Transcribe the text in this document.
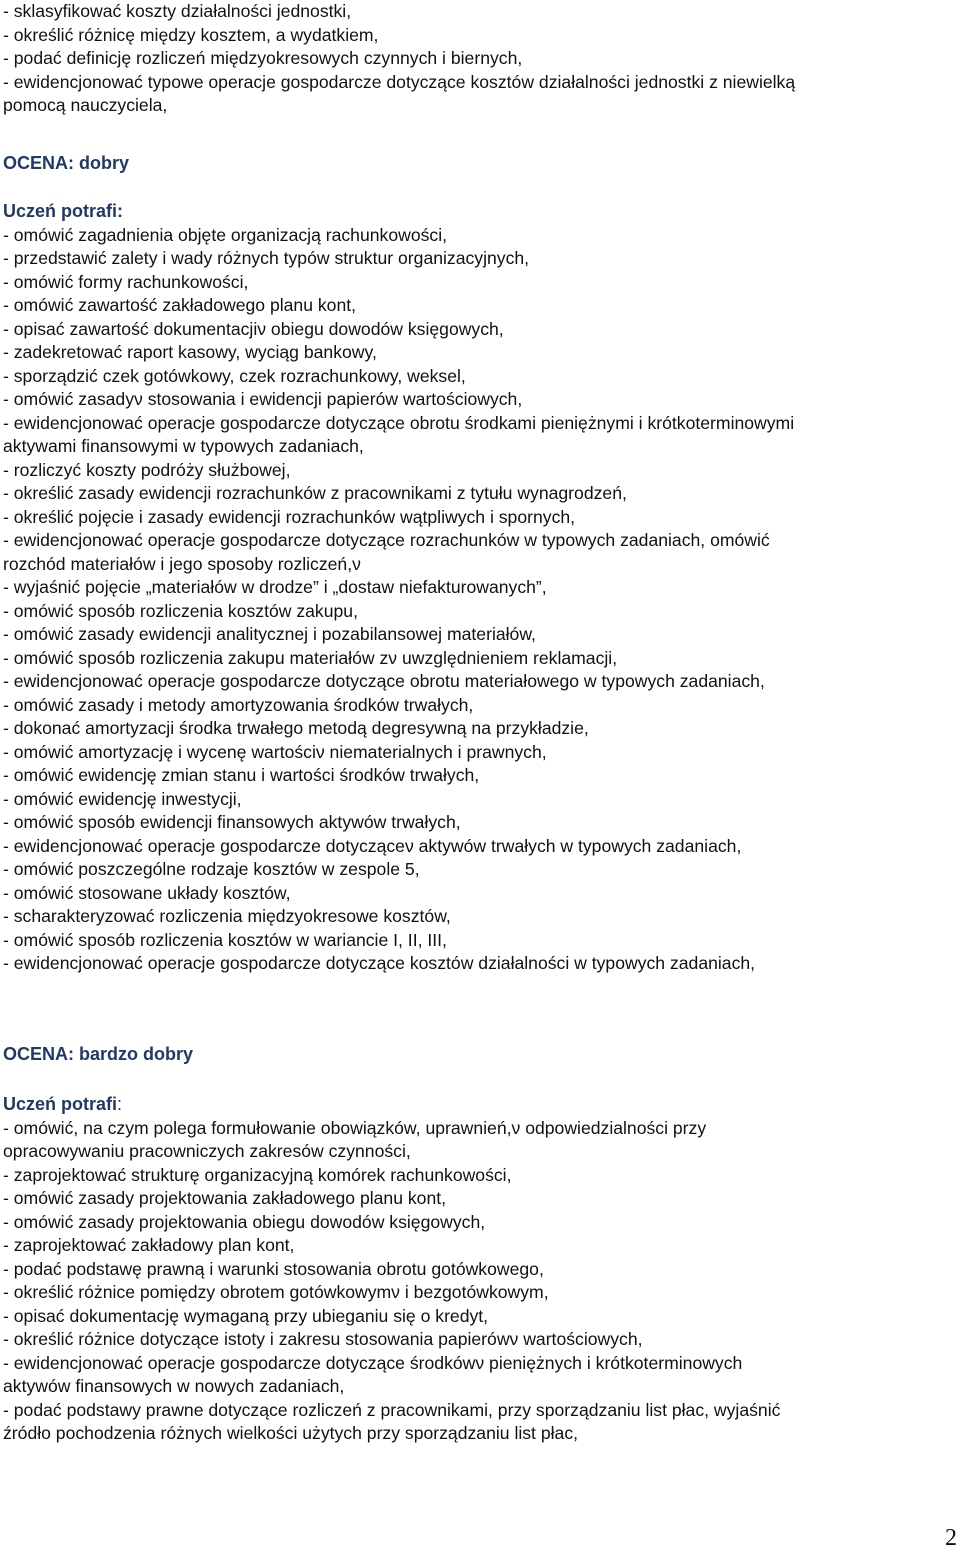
- sklasyfikować koszty działalności jednostki,
- określić różnicę między kosztem, a wydatkiem,
- podać definicję rozliczeń międzyokresowych czynnych i biernych,
- ewidencjonować typowe operacje gospodarcze dotyczące kosztów działalności jednostki z niewielką
pomocą nauczyciela,
OCENA: dobry
Uczeń potrafi:
- omówić zagadnienia objęte organizacją rachunkowości,
- przedstawić zalety i wady różnych typów struktur organizacyjnych,
- omówić formy rachunkowości,
- omówić zawartość zakładowego planu kont,
- opisać zawartość dokumentacjiν obiegu dowodów księgowych,
- zadekretować raport kasowy, wyciąg bankowy,
- sporządzić czek gotówkowy, czek rozrachunkowy, weksel,
- omówić zasadyν stosowania i ewidencji papierów wartościowych,
- ewidencjonować operacje gospodarcze dotyczące obrotu środkami pieniężnymi i krótkoterminowymi
aktywami finansowymi w typowych zadaniach,
- rozliczyć koszty podróży służbowej,
- określić zasady ewidencji rozrachunków z pracownikami z tytułu wynagrodzeń,
- określić pojęcie i zasady ewidencji rozrachunków wątpliwych i spornych,
- ewidencjonować operacje gospodarcze dotyczące rozrachunków w typowych zadaniach, omówić
rozchód materiałów i jego sposoby rozliczeń,ν
- wyjaśnić pojęcie „materiałów w drodze” i „dostaw niefakturowanych”,
- omówić sposób rozliczenia kosztów zakupu,
- omówić zasady ewidencji analitycznej i pozabilansowej materiałów,
- omówić sposób rozliczenia zakupu materiałów zν uwzględnieniem reklamacji,
- ewidencjonować operacje gospodarcze dotyczące obrotu materiałowego w typowych zadaniach,
- omówić zasady i metody amortyzowania środków trwałych,
- dokonać amortyzacji środka trwałego metodą degresywną na przykładzie,
- omówić amortyzację i wycenę wartościν niematerialnych i prawnych,
- omówić ewidencję zmian stanu i wartości środków trwałych,
- omówić ewidencję inwestycji,
- omówić sposób ewidencji finansowych aktywów trwałych,
- ewidencjonować operacje gospodarcze dotycząceν aktywów trwałych w typowych zadaniach,
- omówić poszczególne rodzaje kosztów w zespole 5,
- omówić stosowane układy kosztów,
- scharakteryzować rozliczenia międzyokresowe kosztów,
- omówić sposób rozliczenia kosztów w wariancie I, II, III,
- ewidencjonować operacje gospodarcze dotyczące kosztów działalności w typowych zadaniach,
OCENA: bardzo dobry
Uczeń potrafi:
- omówić, na czym polega formułowanie obowiązków, uprawnień,ν odpowiedzialności przy
opracowywaniu pracowniczych zakresów czynności,
- zaprojektować strukturę organizacyjną komórek rachunkowości,
- omówić zasady projektowania zakładowego planu kont,
- omówić zasady projektowania obiegu dowodów księgowych,
- zaprojektować zakładowy plan kont,
- podać podstawę prawną i warunki stosowania obrotu gotówkowego,
- określić różnice pomiędzy obrotem gotówkowymν i bezgotówkowym,
- opisać dokumentację wymaganą przy ubieganiu się o kredyt,
- określić różnice dotyczące istoty i zakresu stosowania papierówν wartościowych,
- ewidencjonować operacje gospodarcze dotyczące środkówν pieniężnych i krótkoterminowych
aktywów finansowych w nowych zadaniach,
- podać podstawy prawne dotyczące rozliczeń z pracownikami, przy sporządzaniu list płac, wyjaśnić
źródło pochodzenia różnych wielkości użytych przy sporządzaniu list płac,
2
